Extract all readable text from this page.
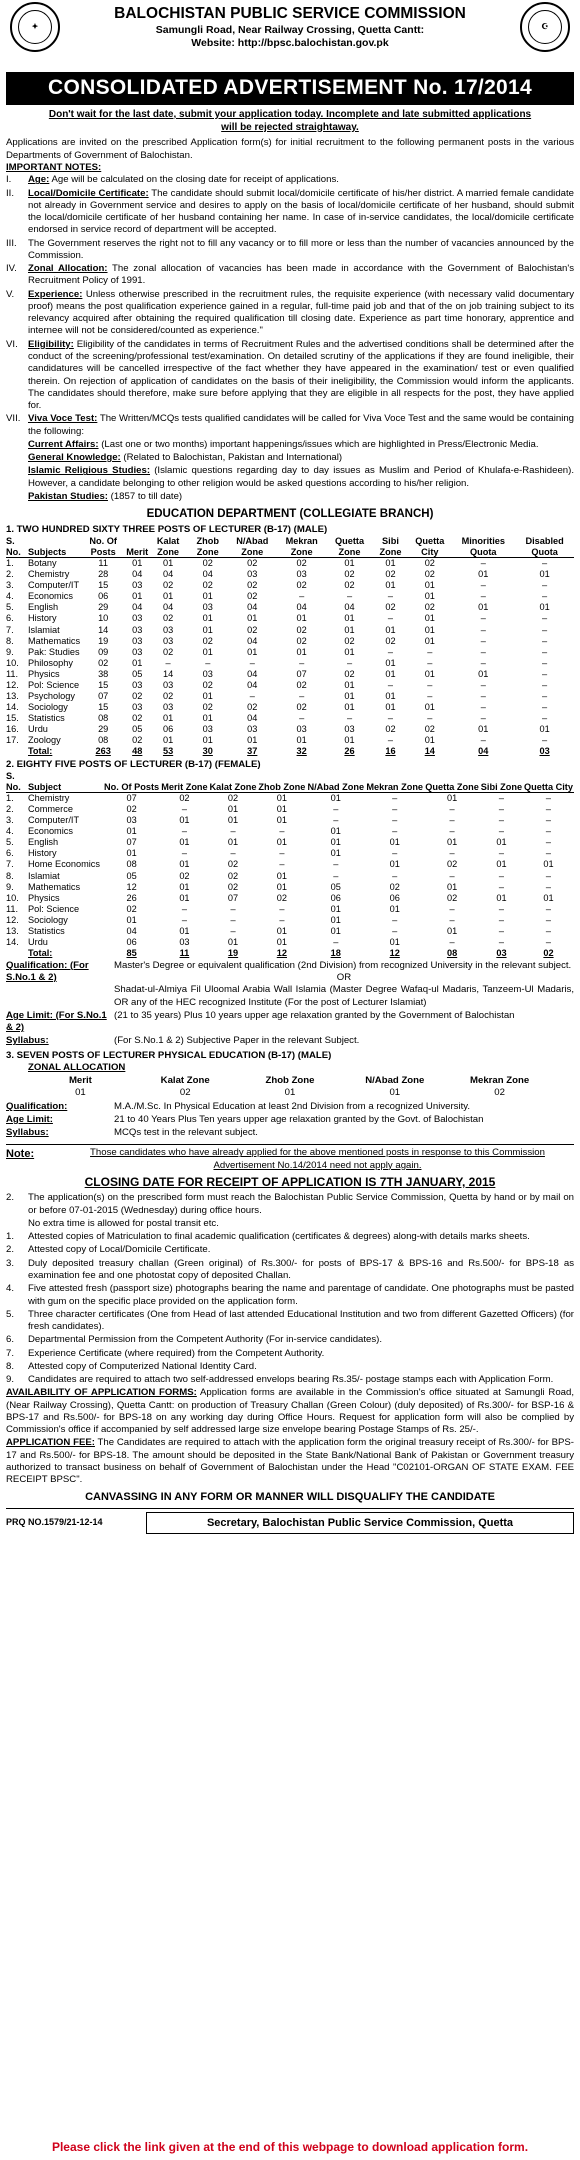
✦
BALOCHISTAN PUBLIC SERVICE COMMISSION
Samungli Road, Near Railway Crossing, Quetta Cantt:
Website: http://bpsc.balochistan.gov.pk
☪
CONSOLIDATED ADVERTISEMENT No. 17/2014
Don't wait for the last date, submit your application today. Incomplete and late submitted applications
will be rejected straightaway.
Applications are invited on the prescribed Application form(s) for initial recruitment to the following permanent posts in the various Departments of Government of Balochistan.
IMPORTANT NOTES:
I.	Age: Age will be calculated on the closing date for receipt of applications.
II.	Local/Domicile Certificate: The candidate should submit local/domicile certificate of his/her district. A married female candidate not already in Government service and desires to apply on the basis of local/domicile certificate of her husband, should submit the local/domicile certificate of her husband containing her name. In case of in-service candidates, the local/domicile certificate endorsed in service record of department will be accepted.
III.	The Government reserves the right not to fill any vacancy or to fill more or less than the number of vacancies announced by the Commission.
IV.	Zonal Allocation: The zonal allocation of vacancies has been made in accordance with the Government of Balochistan's Recruitment Policy of 1991.
V.	Experience: Unless otherwise prescribed in the recruitment rules, the requisite experience (with necessary valid documentary proof) means the post qualification experience gained in a regular, full-time paid job and that of the on job training subject to its relevancy acquired after obtaining the required qualification till closing date. Experience as part time honorary, apprentice and internee will not be considered/counted as experience."
VI.	Eligibility: Eligibility of the candidates in terms of Recruitment Rules and the advertised conditions shall be determined after the conduct of the screening/professional test/examination. On detailed scrutiny of the applications if they are found ineligible, their candidatures will be cancelled irrespective of the fact whether they have appeared in the examination/ test or even qualified therein. On rejection of application of candidates on the basis of their ineligibility, the Commission would inform the applicants. The candidates should therefore, make sure before applying that they are eligible in all respects for the post, they have applied for.
VII. Viva Voce Test: The Written/MCQs tests qualified candidates will be called for Viva Voce Test and the same would be containing the following:
Current Affairs: (Last one or two months) important happenings/issues which are highlighted in Press/Electronic Media.
General Knowledge: (Related to Balochistan, Pakistan and International)
Islamic Religious Studies: (Islamic questions regarding day to day issues as Muslim and Period of Khulafa-e-Rashideen). However, a candidate belonging to other religion would be asked questions according to his/her religion.
Pakistan Studies: (1857 to till date)
EDUCATION DEPARTMENT (COLLEGIATE BRANCH)
1. TWO HUNDRED SIXTY THREE POSTS OF LECTURER (B-17) (MALE)
S. No.	Subjects	No. Of Posts	Merit	Kalat Zone	Zhob Zone	N/Abad Zone	Mekran Zone	Quetta Zone	Sibi Zone	Quetta City	Minorities Quota	Disabled Quota
1.	Botany	11	01	01	02	02	02	01	01	02	–	–
2.	Chemistry	28	04	04	04	03	03	02	02	02	01	01
3.	Computer/IT	15	03	02	02	02	02	02	01	01	–	–
4.	Economics	06	01	01	01	02	–	–	–	01	–	–
5.	English	29	04	04	03	04	04	04	02	02	01	01
6.	History	10	03	02	01	01	01	01	–	01	–	–
7.	Islamiat	14	03	03	01	02	02	01	01	01	–	–
8.	Mathematics	19	03	03	02	04	02	02	02	01	–	–
9.	Pak: Studies	09	03	02	01	01	01	01	–	–	–	–
10.	Philosophy	02	01	–	–	–	–	–	01	–	–	–
11.	Physics	38	05	14	03	04	07	02	01	01	01	–
12.	Pol: Science	15	03	03	02	04	02	01	–	–	–	–
13.	Psychology	07	02	02	01	–	–	01	01	–	–	–
14.	Sociology	15	03	03	02	02	02	01	01	01	–	–
15.	Statistics	08	02	01	01	04	–	–	–	–	–	–
16.	Urdu	29	05	06	03	03	03	03	02	02	01	01
17.	Zoology	08	02	01	01	01	01	01	–	01	–	–
	Total:	263	48	53	30	37	32	26	16	14	04	03
2. EIGHTY FIVE POSTS OF LECTURER (B-17) (FEMALE)
S. No.	Subject	No. Of Posts	Merit Zone	Kalat Zone	Zhob Zone	N/Abad Zone	Mekran Zone	Quetta Zone	Sibi Zone	Quetta City
1.	Chemistry	07	02	02	01	01	–	01	–	–
2.	Commerce	02	–	01	01	–	–	–	–	–
3.	Computer/IT	03	01	01	01	–	–	–	–	–
4.	Economics	01	–	–	–	01	–	–	–	–
5.	English	07	01	01	01	01	01	01	01	–
6.	History	01	–	–	–	01	–	–	–	–
7.	Home Economics	08	01	02	–	–	01	02	01	01
8.	Islamiat	05	02	02	01	–	–	–	–	–
9.	Mathematics	12	01	02	01	05	02	01	–	–
10.	Physics	26	01	07	02	06	06	02	01	01
11.	Pol: Science	02	–	–	–	01	01	–	–	–
12.	Sociology	01	–	–	–	01	–	–	–	–
13.	Statistics	04	01	–	01	01	–	01	–	–
14.	Urdu	06	03	01	01	–	01	–	–	–
	Total:	85	11	19	12	18	12	08	03	02
Qualification: (For S.No.1 & 2)
Master's Degree or equivalent qualification (2nd Division) from recognized University in the relevant subject.
OR
Shadat-ul-Almiya Fil Uloomal Arabia Wall Islamia (Master Degree Wafaq-ul Madaris, Tanzeem-Ul Madaris, OR any of the HEC recognized Institute (For the post of Lecturer Islamiat)
Age Limit: (For S.No.1 & 2)
(21 to 35 years) Plus 10 years upper age relaxation granted by the Government of Balochistan
Syllabus:	(For S.No.1 & 2) Subjective Paper in the relevant Subject.
3. SEVEN POSTS OF LECTURER PHYSICAL EDUCATION (B-17) (MALE)
ZONAL ALLOCATION
Merit	Kalat Zone	Zhob Zone	N/Abad Zone	Mekran Zone
01	02	01	01	02
Qualification:	M.A./M.Sc. In Physical Education at least 2nd Division from a recognized University.
Age Limit:	21 to 40 Years Plus Ten years upper age relaxation granted by the Govt. of Balochistan
Syllabus:	MCQs test in the relevant subject.
Note:	Those candidates who have already applied for the above mentioned posts in response to this Commission Advertisement No.14/2014 need not apply again.
CLOSING DATE FOR RECEIPT OF APPLICATION IS 7TH JANUARY, 2015
2.	The application(s) on the prescribed form must reach the Balochistan Public Service Commission, Quetta by hand or by mail on or before 07-01-2015 (Wednesday) during office hours.
No extra time is allowed for postal transit etc.
1.	Attested copies of Matriculation to final academic qualification (certificates & degrees) along-with details marks sheets.
2.	Attested copy of Local/Domicile Certificate.
3.	Duly deposited treasury challan (Green original) of Rs.300/- for posts of BPS-17 & BPS-16 and Rs.500/- for BPS-18 as examination fee and one photostat copy of deposited Challan.
4.	Five attested fresh (passport size) photographs bearing the name and parentage of candidate. One photographs must be pasted with gum on the specific place provided on the application form.
5.	Three character certificates (One from Head of last attended Educational Institution and two from different Gazetted Officers) (for fresh candidates).
6.	Departmental Permission from the Competent Authority (For in-service candidates).
7.	Experience Certificate (where required) from the Competent Authority.
8.	Attested copy of Computerized National Identity Card.
9.	Candidates are required to attach two self-addressed envelops bearing Rs.35/- postage stamps each with Application Form.
AVAILABILITY OF APPLICATION FORMS: Application forms are available in the Commission's office situated at Samungli Road, (Near Railway Crossing), Quetta Cantt: on production of Treasury Challan (Green Colour) (duly deposited) of Rs.300/- for BSP-16 & BPS-17 and Rs.500/- for BPS-18 on any working day during Office Hours. Request for application form will also be complied by Commission's office if accompanied by self addressed large size envelope bearing Postage Stamps of Rs. 25/-.
APPLICATION FEE: The Candidates are required to attach with the application form the original treasury receipt of Rs.300/- for BPS-17 and Rs.500/- for BPS-18. The amount should be deposited in the State Bank/National Bank of Pakistan or Government treasury authorized to transact business on behalf of Government of Balochistan under the Head "C02101-ORGAN OF STATE EXAM. FEE RECEIPT BPSC".
CANVASSING IN ANY FORM OR MANNER WILL DISQUALIFY THE CANDIDATE
PRQ NO.1579/21-12-14	Secretary, Balochistan Public Service Commission, Quetta
Please click the link given at the end of this webpage to download application form.
